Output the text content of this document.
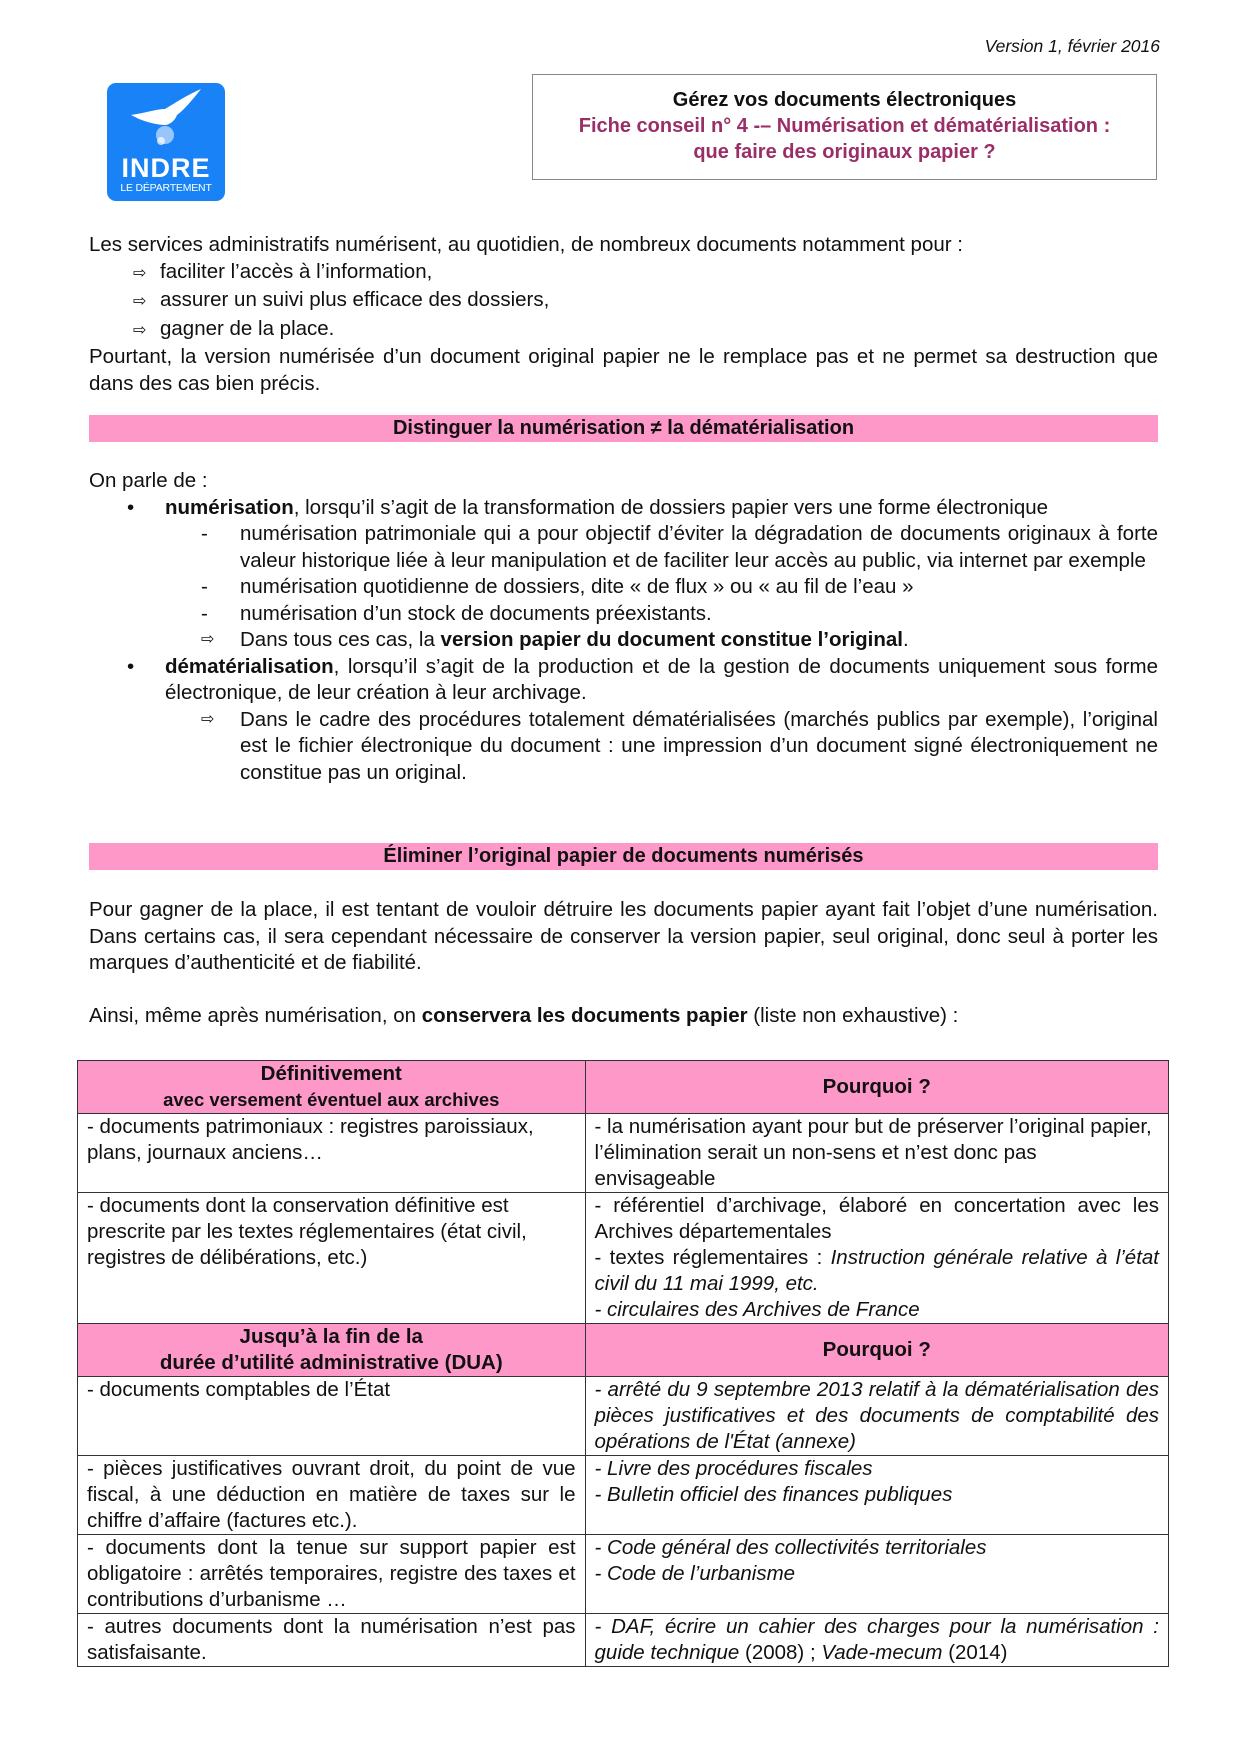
Version 1, février 2016
INDRE
LE DÉPARTEMENT
Gérez vos documents électroniques
Fiche conseil n° 4 -– Numérisation et dématérialisation :
que faire des originaux papier ?
Les services administratifs numérisent, au quotidien, de nombreux documents notamment pour :
⇨ faciliter l’accès à l’information,
⇨ assurer un suivi plus efficace des dossiers,
⇨ gagner de la place.
Pourtant, la version numérisée d’un document original papier ne le remplace pas et ne permet sa destruction que dans des cas bien précis.
Distinguer la numérisation ≠ la dématérialisation
On parle de :
• numérisation, lorsqu’il s’agit de la transformation de dossiers papier vers une forme électronique
- numérisation patrimoniale qui a pour objectif d’éviter la dégradation de documents originaux à forte valeur historique liée à leur manipulation et de faciliter leur accès au public, via internet par exemple
- numérisation quotidienne de dossiers, dite « de flux » ou « au fil de l’eau »
- numérisation d’un stock de documents préexistants.
⇨ Dans tous ces cas, la version papier du document constitue l’original.
• dématérialisation, lorsqu’il s’agit de la production et de la gestion de documents uniquement sous forme électronique, de leur création à leur archivage.
⇨ Dans le cadre des procédures totalement dématérialisées (marchés publics par exemple), l’original est le fichier électronique du document : une impression d’un document signé électroniquement ne constitue pas un original.
Éliminer l’original papier de documents numérisés
Pour gagner de la place, il est tentant de vouloir détruire les documents papier ayant fait l’objet d’une numérisation. Dans certains cas, il sera cependant nécessaire de conserver la version papier, seul original, donc seul à porter les marques d’authenticité et de fiabilité.
Ainsi, même après numérisation, on conservera les documents papier (liste non exhaustive) :
Définitivement
avec versement éventuel aux archives	Pourquoi ?
- documents patrimoniaux : registres paroissiaux, plans, journaux anciens…	- la numérisation ayant pour but de préserver l’original papier, l’élimination serait un non-sens et n’est donc pas envisageable
- documents dont la conservation définitive est prescrite par les textes réglementaires (état civil, registres de délibérations, etc.)	- référentiel d’archivage, élaboré en concertation avec les Archives départementales
- textes réglementaires : Instruction générale relative à l’état civil du 11 mai 1999, etc.
- circulaires des Archives de France

Jusqu’à la fin de la
durée d’utilité administrative (DUA)	Pourquoi ?
- documents comptables de l’État	- arrêté du 9 septembre 2013 relatif à la dématérialisation des pièces justificatives et des documents de comptabilité des opérations de l'État (annexe)
- pièces justificatives ouvrant droit, du point de vue fiscal, à une déduction en matière de taxes sur le chiffre d’affaire (factures etc.).	- Livre des procédures fiscales
- Bulletin officiel des finances publiques

- documents dont la tenue sur support papier est obligatoire : arrêtés temporaires, registre des taxes et contributions d’urbanisme …	- Code général des collectivités territoriales
- Code de l’urbanisme

- autres documents dont la numérisation n’est pas satisfaisante.	- DAF, écrire un cahier des charges pour la numérisation : guide technique (2008) ; Vade-mecum (2014)
